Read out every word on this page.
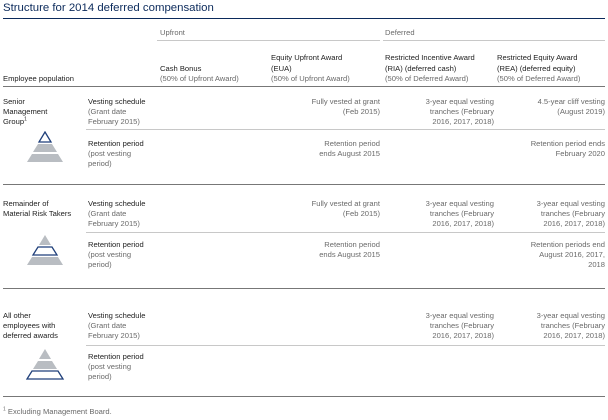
Structure for 2014 deferred compensation
Upfront	Deferred
Cash Bonus
(50% of Upfront Award)
Equity Upfront Award
(EUA)
(50% of Upfront Award)
Restricted Incentive Award
(RIA) (deferred cash)
(50% of Deferred Award)
Restricted Equity Award
(REA) (deferred equity)
(50% of Deferred Award)
Employee population
Senior
Management
Group$^1$
Vesting schedule
(Grant date
February 2015)
Fully vested at grant
(Feb 2015)
3-year equal vesting
tranches (February
2016, 2017, 2018)
4.5-year cliff vesting
(August 2019)
Retention period
(post vesting
period)
Retention period
ends August 2015
Retention period ends
February 2020
Remainder of
Material Risk Takers
Vesting schedule
(Grant date
February 2015)
Fully vested at grant
(Feb 2015)
3-year equal vesting
tranches (February
2016, 2017, 2018)
3-year equal vesting
tranches (February
2016, 2017, 2018)
Retention period
(post vesting
period)
Retention period
ends August 2015
Retention periods end
August 2016, 2017,
2018
All other
employees with
deferred awards
Vesting schedule
(Grant date
February 2015)
3-year equal vesting
tranches (February
2016, 2017, 2018)
3-year equal vesting
tranches (February
2016, 2017, 2018)
Retention period
(post vesting
period)
$^1$ Excluding Management Board.
